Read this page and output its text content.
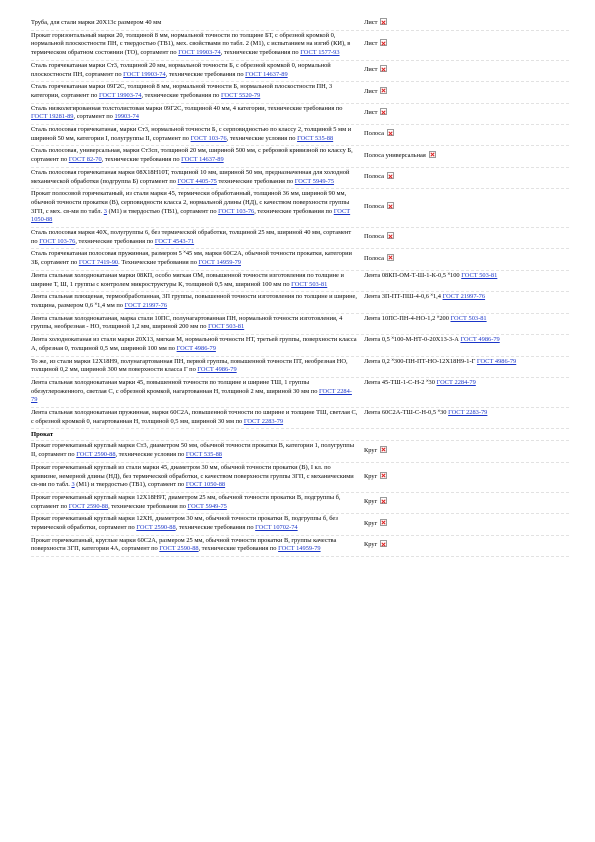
Труба, для стали марки 20Х13с размером 40 мм	Лист
Прокат горизонтальный марки 20, толщиной 8 мм, нормальной точности по толщине БТ, с обрезной кромкой 0, нормальной плоскостности ПН, с твердостью (ТВ1), мех. свойствами по табл. 2 (М1), с испытанием на изгиб (КИ), в термическом обратном состоянии (ТО), сортамент по ГОСТ 19903-74, технические требования по ГОСТ 1577-93
Лист
Сталь горячекатаная марки Ст3, толщиной 20 мм, нормальной точности Б, с обрезной кромкой 0, нормальной плоскостности ПН, сортамент по ГОСТ 19903-74, технические требования по ГОСТ 14637-89
Лист
Сталь горячекатаная марки 09Г2С, толщиной 8 мм, нормальной точности Б, нормальной плоскостности ПН, 3 категории, сортамент по ГОСТ 19903-74, технические требования по ГОСТ 5520-79
Лист
Сталь низколегированная толстолистовая марки 09Г2С, толщиной 40 мм, 4 категории, технические требования по ГОСТ 19281-89, сортамент по 19903-74
Лист
Сталь полосовая горячекатаная, марки Ст3, нормальной точности Б, с серповидностью по классу 2, толщиной 5 мм и шириной 50 мм, категории I, полугруппы II, сортамент по ГОСТ 103-76, технические условия по ГОСТ 535-88
Полоса
Сталь полосовая, универсальная, марки Ст3сп, толщиной 20 мм, шириной 500 мм, с ребровой кривизной по классу Б, сортамент по ГОСТ 82-70, технические требования по ГОСТ 14637-89
Полоса универсальная
Сталь полосовая горячекатаная марки 08Х18Н10Т, толщиной 10 мм, шириной 50 мм, предназначенная для холодной механической обработки (подгруппа Б) сортамент по ГОСТ 4405-75 технические требования по ГОСТ 5949-75
Полоса
Прокат полосовой горячекатаный, из стали марки 45, термически обработанный, толщиной 36 мм, шириной 90 мм, обычной точности прокатки (В), серповидности класса 2, нормальной длины (НД), с качеством поверхности группы 3ГП, с мех. св-ми по табл. 3 (М1) и твердостью (ТВ1), сортамент по ГОСТ 103-76, технические требования по ГОСТ 1050-88
Полоса
Сталь полосовая марки 40Х, полугруппы 6, без термической обработки, толщиной 25 мм, шириной 40 мм, сортамент по ГОСТ 103-76, технические требования по ГОСТ 4543-71
Полоса
Сталь горячекатаная полосовая пружинная, размером 5 ˟45 мм, марки 60С2А, обычной точности прокатки, категории 3Б, сортамент по ГОСТ 7419-90. Технические требования по ГОСТ 14959-79
Полоса
Лента стальная холоднокатаная марки 08КП, особо мягкая ОМ, повышенной точности изготовления по толщине и ширине Т, Ш, 1 группы с контролем микроструктуры К, толщиной 0,5 мм, шириной 100 мм по ГОСТ 503-81
Лента 08КП-ОМ-Т-Ш-1-К-0,5 ˟100 ГОСТ 503-81
Лента стальная плющеная, термообработанная, 3П группы, повышенной точности изготовления по толщине и ширине, толщина, размером 0,6 ˟1,4 мм по ГОСТ 21997-76
Лента 3П-ПТ-ПШ-4-0,6 ˟1,4 ГОСТ 21997-76
Лента стальная холоднокатаная, марка стали 10ПС, полунагартованная ПН, нормальной точности изготовления, 4 группы, необрезная - НО, толщиной 1,2 мм, шириной 200 мм по ГОСТ 503-81
Лента 10ПС-ПН-4-НО-1,2 ˟200 ГОСТ 503-81
Лента холоднокатаная из стали марки 20Х13, мягкая М, нормальной точности НТ, третьей группы, поверхности класса А, обрезная 0, толщиной 0,5 мм, шириной 100 мм по ГОСТ 4986-79
Лента 0,5 ˟100-М-НТ-0-20Х13-3-А ГОСТ 4986-79
То же, из стали марки 12Х18Н9, полунагартованная ПН, первой группы, повышенной точности ПТ, необрезная НО, толщиной 0,2 мм, шириной 300 мм поверхности класса Г по ГОСТ 4986-79
Лента 0,2 ˟300-ПН-ПТ-НО-12Х18Н9-1-Г ГОСТ 4986-79
Лента стальная холоднокатаная марки 45, повышенной точности по толщине и ширине ТШ, 1 группы обезуглероженного, светлая С, с обрезной кромкой, нагартованная Н, толщиной 2 мм, шириной 30 мм по ГОСТ 2284-79
Лента 45-ТШ-1-С-Н-2 ˟30 ГОСТ 2284-79
Лента стальная холоднокатаная пружинная, марки 60С2А, повышенной точности по ширине и толщине ТШ, светлая С, с обрезной кромкой 0, нагартованная Н, толщиной 0,5 мм, шириной 30 мм по ГОСТ 2283-79
Лента 60С2А-ТШ-С-Н-0,5 ˟30 ГОСТ 2283-79
Прокат
Прокат горячекатаный круглый марки Ст3, диаметром 50 мм, обычной точности прокатки В, категории 1, полугруппы II, сортамент по ГОСТ 2590-88, технические условия по ГОСТ 535-88
Круг
Прокат горячекатаный круглый из стали марки 45, диаметром 30 мм, обычной точности прокатки (В), I кл. по кривизне, немерной длины (НД), без термической обработки, с качеством поверхности группы 3ГП, с механическими св-ми по табл. 3 (М1) и твердостью (ТВ1), сортамент по ГОСТ 1050-88
Круг
Прокат горячекатаный круглый марки 12Х18Н9Т, диаметром 25 мм, обычной точности прокатки В, подгруппы б, сортамент по ГОСТ 2590-88, технические требования по ГОСТ 5949-75
Круг
Прокат горячекатаный круглый марки 12ХН, диаметром 30 мм, обычной точности прокатки В, подгруппы б, без термической обработки, сортамент по ГОСТ 2590-88, технические требования по ГОСТ 10702-74
Круг
Прокат горячекатаный, круглые марки 60С2А, размером 25 мм, обычной точности прокатки В, группы качества поверхности 3ГП, категории 4А, сортамент по ГОСТ 2590-88, технические требования по ГОСТ 14959-79
Круг
